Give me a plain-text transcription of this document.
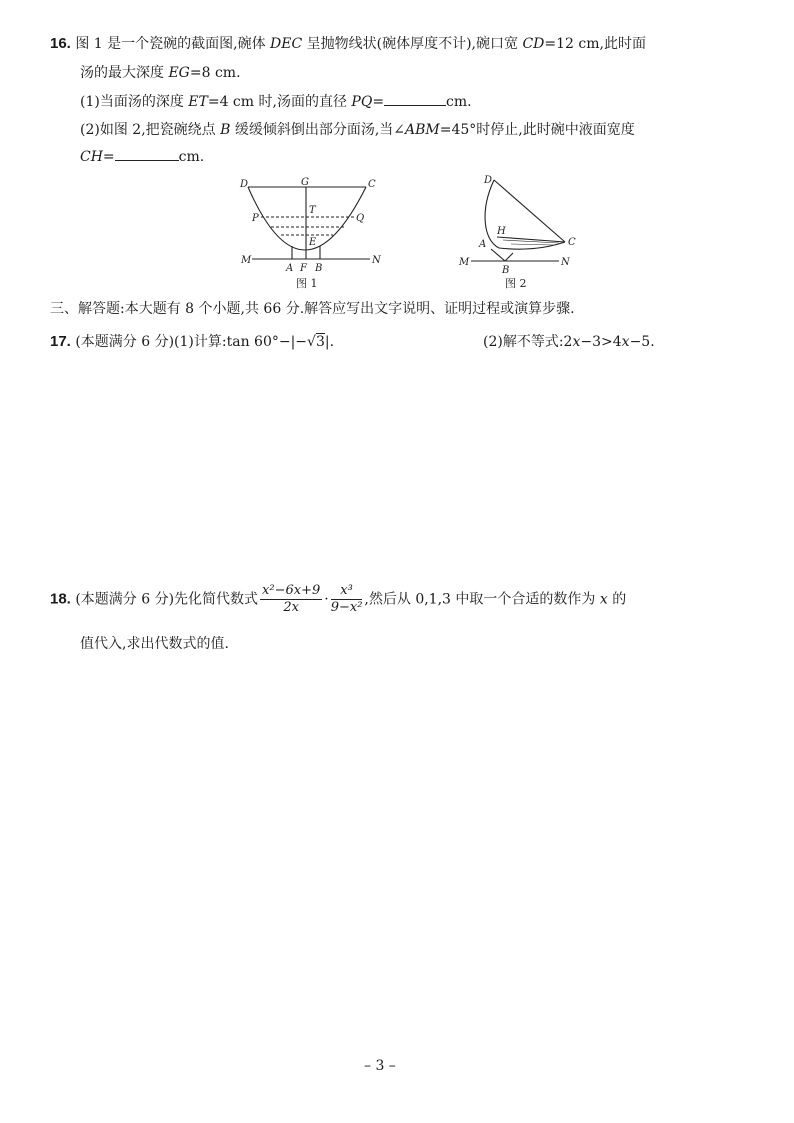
16. 图 1 是一个瓷碗的截面图,碗体 DEC 呈抛物线状(碗体厚度不计),碗口宽 CD=12 cm,此时面
汤的最大深度 EG=8 cm.
(1)当面汤的深度 ET=4 cm 时,汤面的直径 PQ=	cm.
(2)如图 2,把瓷碗绕点 B 缓缓倾斜倒出部分面汤,当∠ABM=45°时停止,此时碗中液面宽度
CH=	cm.
D	G	C
P
T
Q
E
M
A F B
N
图 1
D
H
A	C
M
B
N
图 2
三、解答题:本大题有 8 个小题,共 66 分.解答应写出文字说明、证明过程或演算步骤.
17. (本题满分 6 分)(1)计算:tan 60°−|−√3|.	(2)解不等式:2x−3>4x−5.
18. (本题满分 6 分)先化简代数式 $\frac{\text{x²−6x+9}}{2x} \cdot \frac{\text{x³}}{\text{9−x²}}$ ,然后从 0,1,3 中取一个合适的数作为 x 的
值代入,求出代数式的值.
– 3 –
